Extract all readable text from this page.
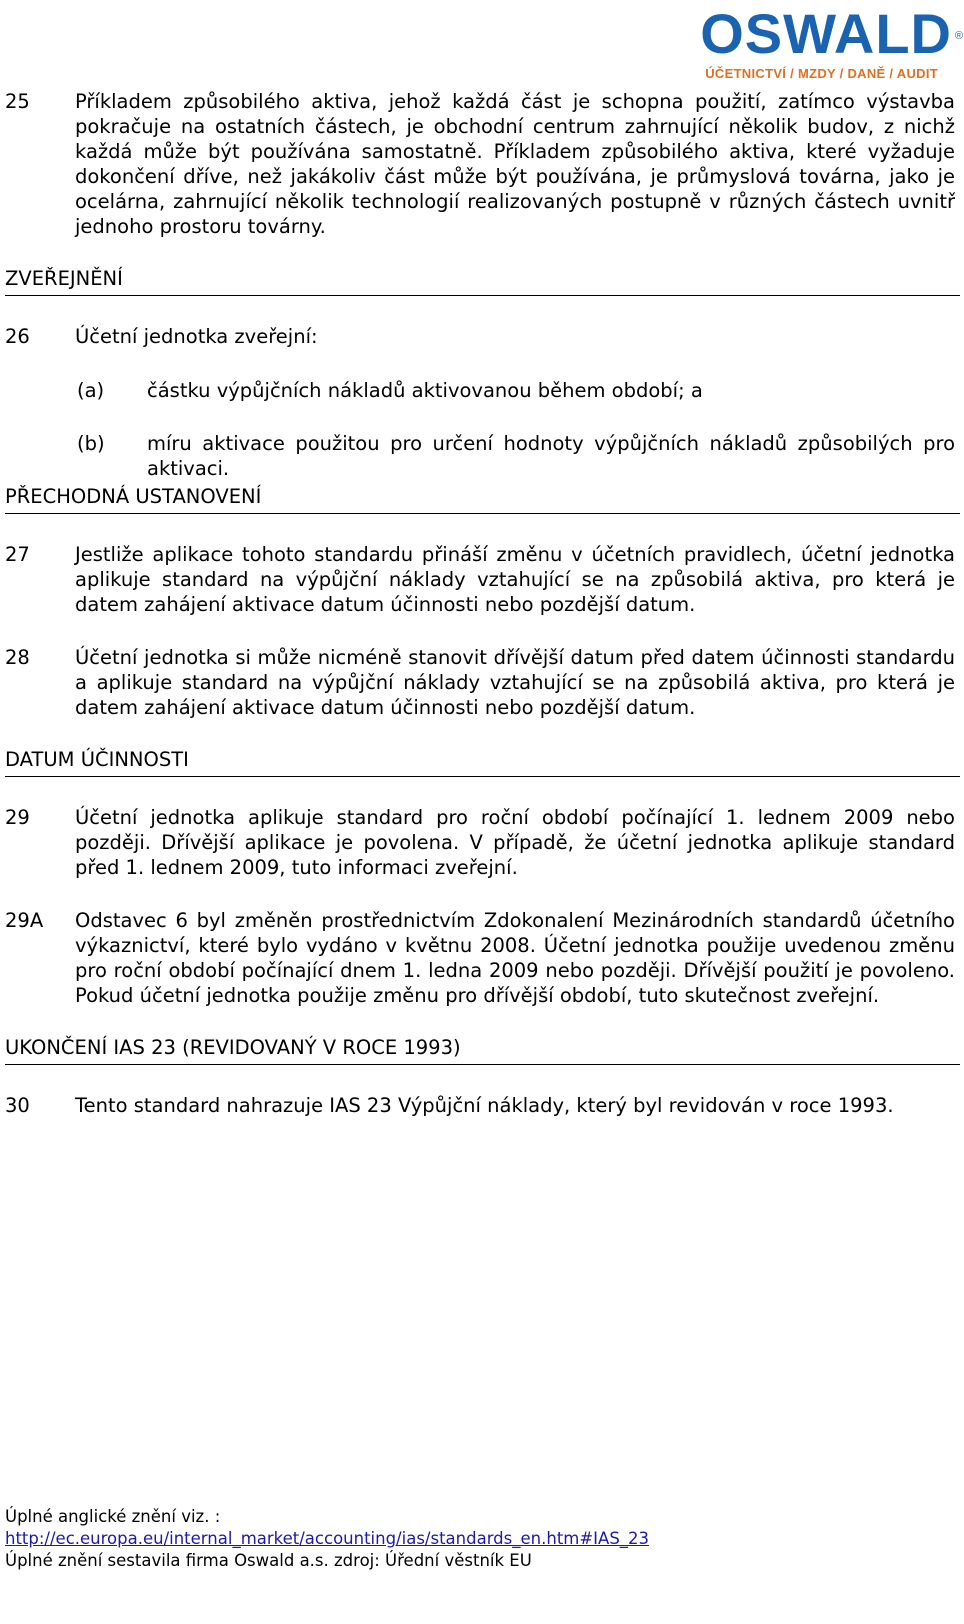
OSWALD ®
ÚČETNICTVÍ / MZDY / DANĚ / AUDIT
25	Příkladem způsobilého aktiva, jehož každá část je schopna použití, zatímco výstavba pokračuje na ostatních částech, je obchodní centrum zahrnující několik budov, z nichž každá může být používána samostatně. Příkladem způsobilého aktiva, které vyžaduje dokončení dříve, než jakákoliv část může být používána, je průmyslová továrna, jako je ocelárna, zahrnující několik technologií realizovaných postupně v různých částech uvnitř jednoho prostoru továrny.
ZVEŘEJNĚNÍ
26	Účetní jednotka zveřejní:
(a)	částku výpůjčních nákladů aktivovanou během období; a
(b)	míru aktivace použitou pro určení hodnoty výpůjčních nákladů způsobilých pro aktivaci.
PŘECHODNÁ USTANOVENÍ
27	Jestliže aplikace tohoto standardu přináší změnu v účetních pravidlech, účetní jednotka aplikuje standard na výpůjční náklady vztahující se na způsobilá aktiva, pro která je datem zahájení aktivace datum účinnosti nebo pozdější datum.
28	Účetní jednotka si může nicméně stanovit dřívější datum před datem účinnosti standardu a aplikuje standard na výpůjční náklady vztahující se na způsobilá aktiva, pro která je datem zahájení aktivace datum účinnosti nebo pozdější datum.
DATUM ÚČINNOSTI
29	Účetní jednotka aplikuje standard pro roční období počínající 1. lednem 2009 nebo později. Dřívější aplikace je povolena. V případě, že účetní jednotka aplikuje standard před 1. lednem 2009, tuto informaci zveřejní.
29A	Odstavec 6 byl změněn prostřednictvím Zdokonalení Mezinárodních standardů účetního výkaznictví, které bylo vydáno v květnu 2008. Účetní jednotka použije uvedenou změnu pro roční období počínající dnem 1. ledna 2009 nebo později. Dřívější použití je povoleno. Pokud účetní jednotka použije změnu pro dřívější období, tuto skutečnost zveřejní.
UKONČENÍ IAS 23 (REVIDOVANÝ V ROCE 1993)
30	Tento standard nahrazuje IAS 23 Výpůjční náklady, který byl revidován v roce 1993.
Úplné anglické znění viz. :
http://ec.europa.eu/internal_market/accounting/ias/standards_en.htm#IAS_23
Úplné znění sestavila firma Oswald a.s. zdroj: Úřední věstník EU
